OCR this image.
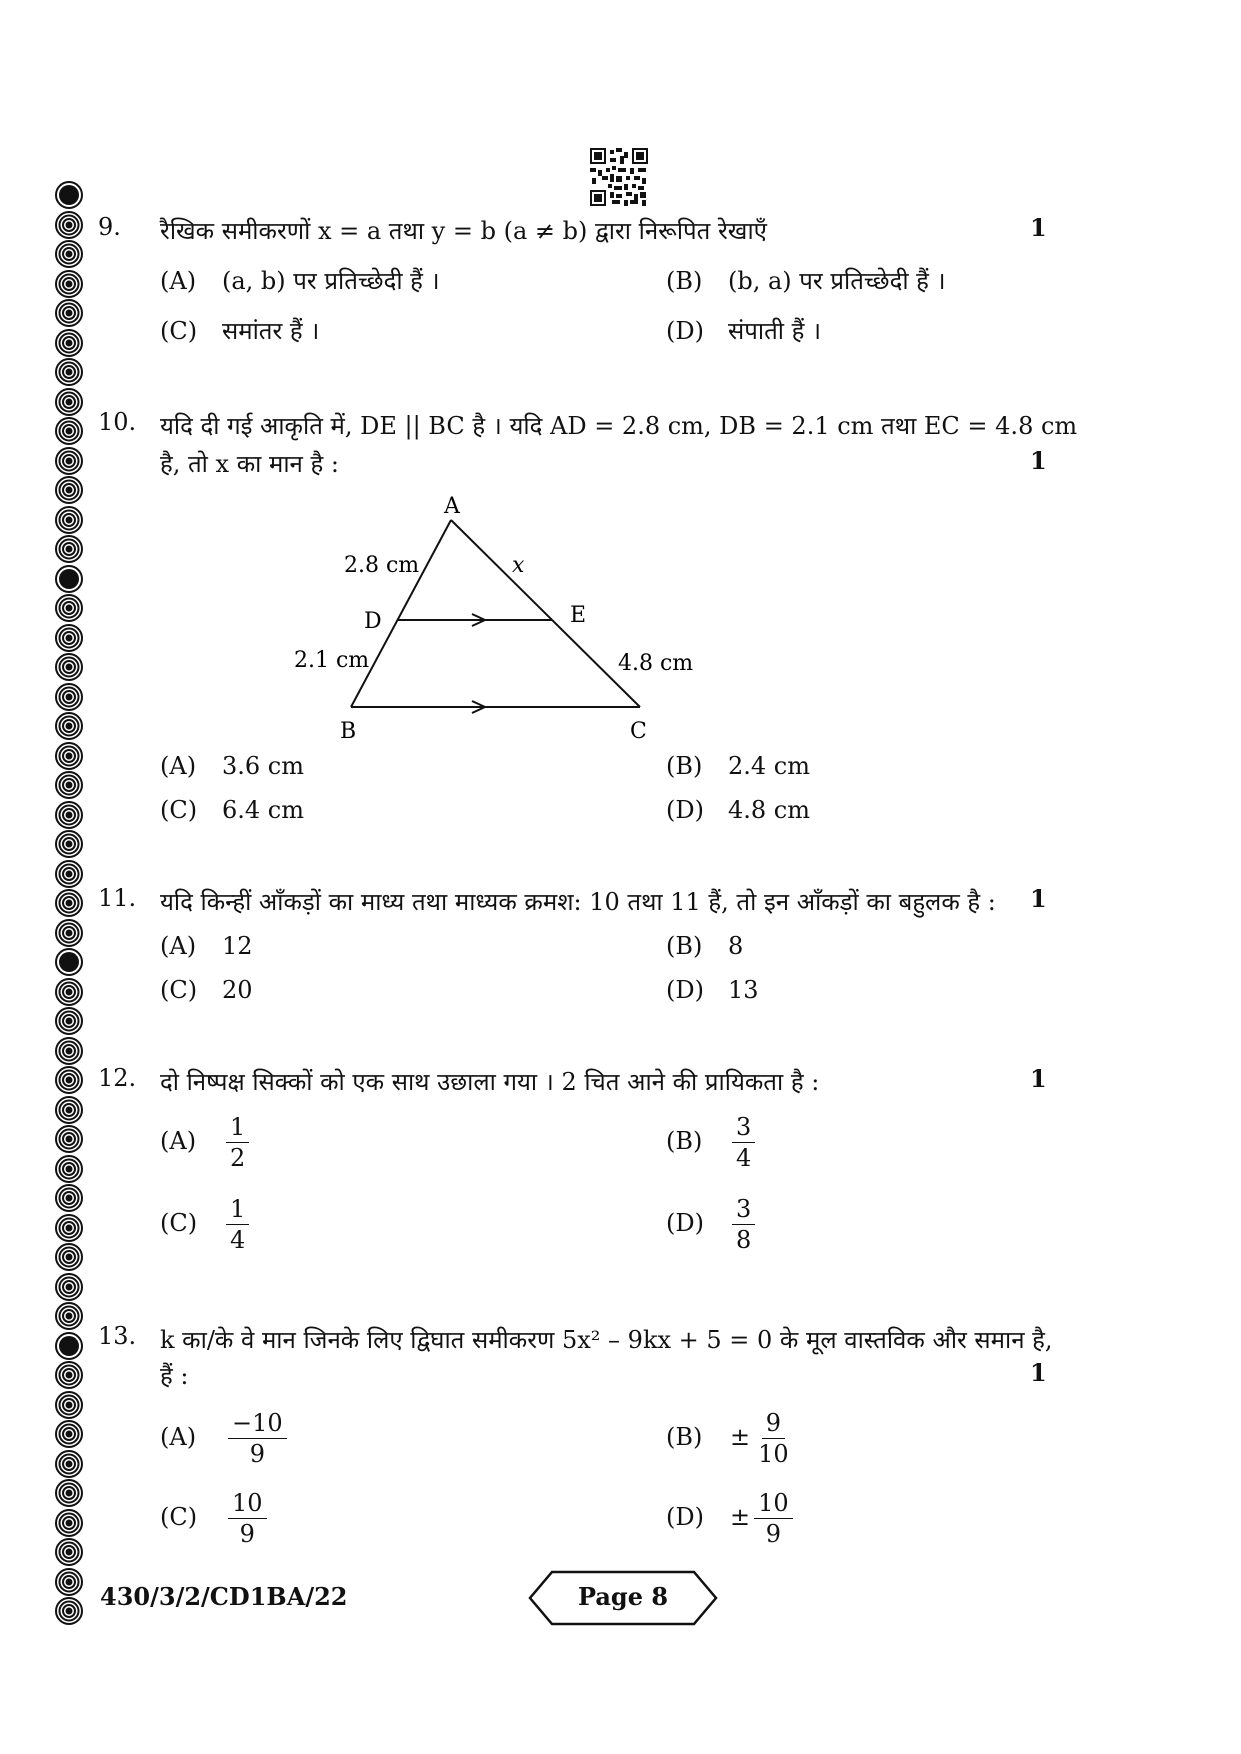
9.	रैखिक समीकरणों x = a तथा y = b (a ≠ b) द्वारा निरूपित रेखाएँ	1
(A) (a, b) पर प्रतिच्छेदी हैं ।	(B) (b, a) पर प्रतिच्छेदी हैं ।
(C) समांतर हैं ।	(D) संपाती हैं ।
10. यदि दी गई आकृति में, DE || BC है । यदि AD = 2.8 cm, DB = 2.1 cm तथा EC = 4.8 cm
है, तो x का मान है :	1
A
B	C
D	E
2.8 cm	x
2.1 cm	4.8 cm
(A) 3.6 cm	(B) 2.4 cm
(C) 6.4 cm	(D) 4.8 cm
11. यदि किन्हीं आँकड़ों का माध्य तथा माध्यक क्रमश: 10 तथा 11 हैं, तो इन आँकड़ों का बहुलक है :	1
(A) 12	(B) 8
(C) 20	(D) 13
12. दो निष्पक्ष सिक्कों को एक साथ उछाला गया । 2 चित आने की प्रायिकता है :	1
$(A) \frac{1}{2}$	$(B) \frac{3}{4}$
$(C) \frac{1}{4}$	$(D) \frac{3}{8}$
13. k का/के वे मान जिनके लिए द्विघात समीकरण 5x² – 9kx + 5 = 0 के मूल वास्तविक और समान है,
हैं :	1
$(A) \frac{-10}{9}$	$(B) \pm \frac{9}{10}$
$(C) \frac{10}{9}$	$(D) \pm \frac{10}{9}$
430/3/2/CD1BA/22	Page 8
